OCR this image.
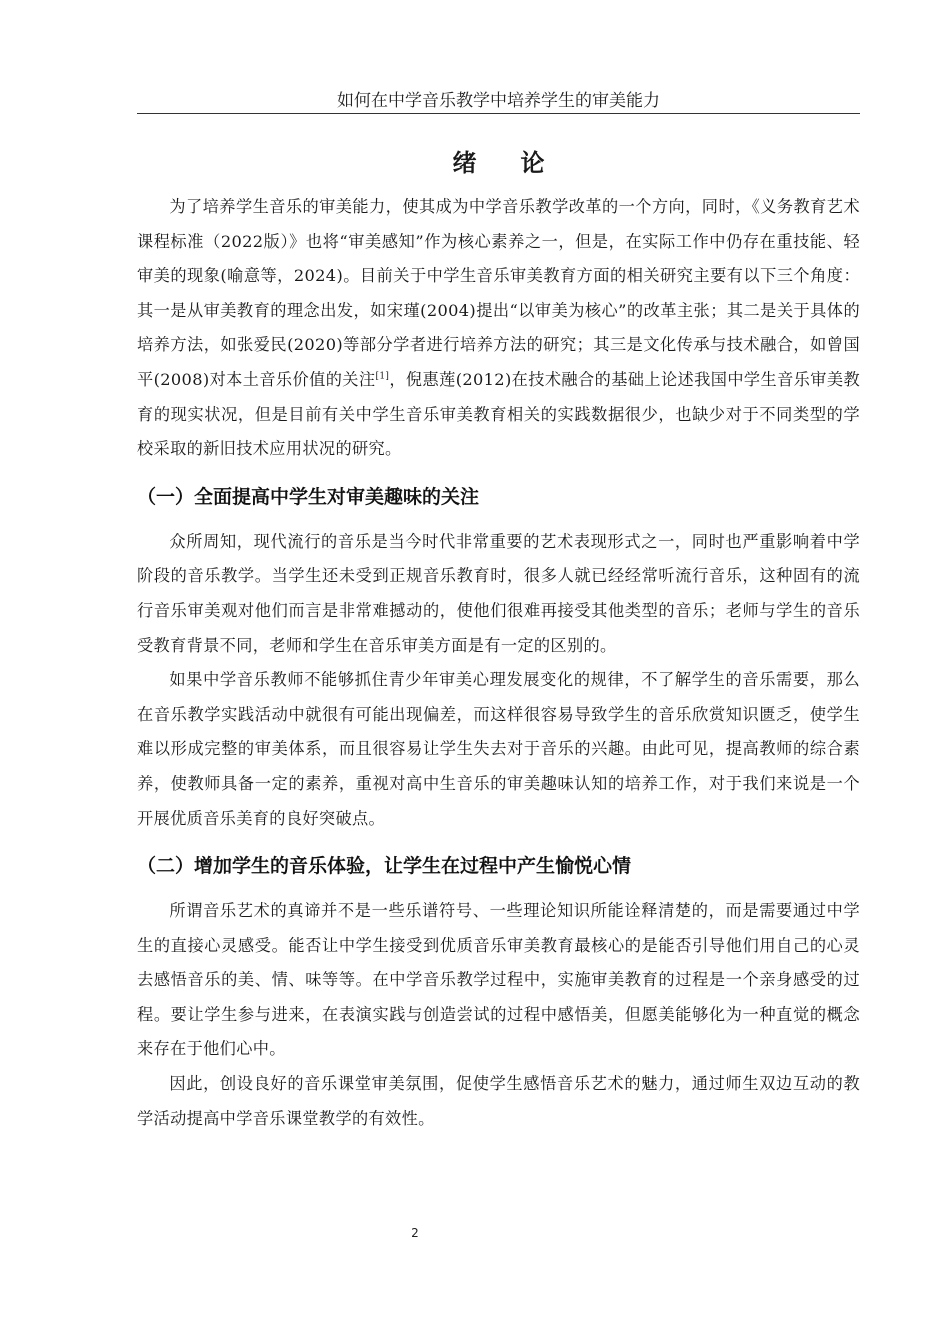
如何在中学音乐教学中培养学生的审美能力
绪论

为了培养学生音乐的审美能力，使其成为中学音乐教学改革的一个方向，同时，《义务教育艺术课程标准（2022版）》也将“审美感知”作为核心素养之一，但是，在实际工作中仍存在重技能、轻审美的现象(喻意等，2024)。目前关于中学生音乐审美教育方面的相关研究主要有以下三个角度：其一是从审美教育的理念出发，如宋瑾(2004)提出“以审美为核心”的改革主张；其二是关于具体的培养方法，如张爱民(2020)等部分学者进行培养方法的研究；其三是文化传承与技术融合，如曾国平(2008)对本土音乐价值的关注[1]，倪惠莲(2012)在技术融合的基础上论述我国中学生音乐审美教育的现实状况，但是目前有关中学生音乐审美教育相关的实践数据很少，也缺少对于不同类型的学校采取的新旧技术应用状况的研究。

（一）全面提高中学生对审美趣味的关注

众所周知，现代流行的音乐是当今时代非常重要的艺术表现形式之一，同时也严重影响着中学阶段的音乐教学。当学生还未受到正规音乐教育时，很多人就已经经常听流行音乐，这种固有的流行音乐审美观对他们而言是非常难撼动的，使他们很难再接受其他类型的音乐；老师与学生的音乐受教育背景不同，老师和学生在音乐审美方面是有一定的区别的。

如果中学音乐教师不能够抓住青少年审美心理发展变化的规律，不了解学生的音乐需要，那么在音乐教学实践活动中就很有可能出现偏差，而这样很容易导致学生的音乐欣赏知识匮乏，使学生难以形成完整的审美体系，而且很容易让学生失去对于音乐的兴趣。由此可见，提高教师的综合素养，使教师具备一定的素养，重视对高中生音乐的审美趣味认知的培养工作，对于我们来说是一个开展优质音乐美育的良好突破点。

（二）增加学生的音乐体验，让学生在过程中产生愉悦心情

所谓音乐艺术的真谛并不是一些乐谱符号、一些理论知识所能诠释清楚的，而是需要通过中学生的直接心灵感受。能否让中学生接受到优质音乐审美教育最核心的是能否引导他们用自己的心灵去感悟音乐的美、情、味等等。在中学音乐教学过程中，实施审美教育的过程是一个亲身感受的过程。要让学生参与进来，在表演实践与创造尝试的过程中感悟美，但愿美能够化为一种直觉的概念来存在于他们心中。

因此，创设良好的音乐课堂审美氛围，促使学生感悟音乐艺术的魅力，通过师生双边互动的教学活动提高中学音乐课堂教学的有效性。

2
